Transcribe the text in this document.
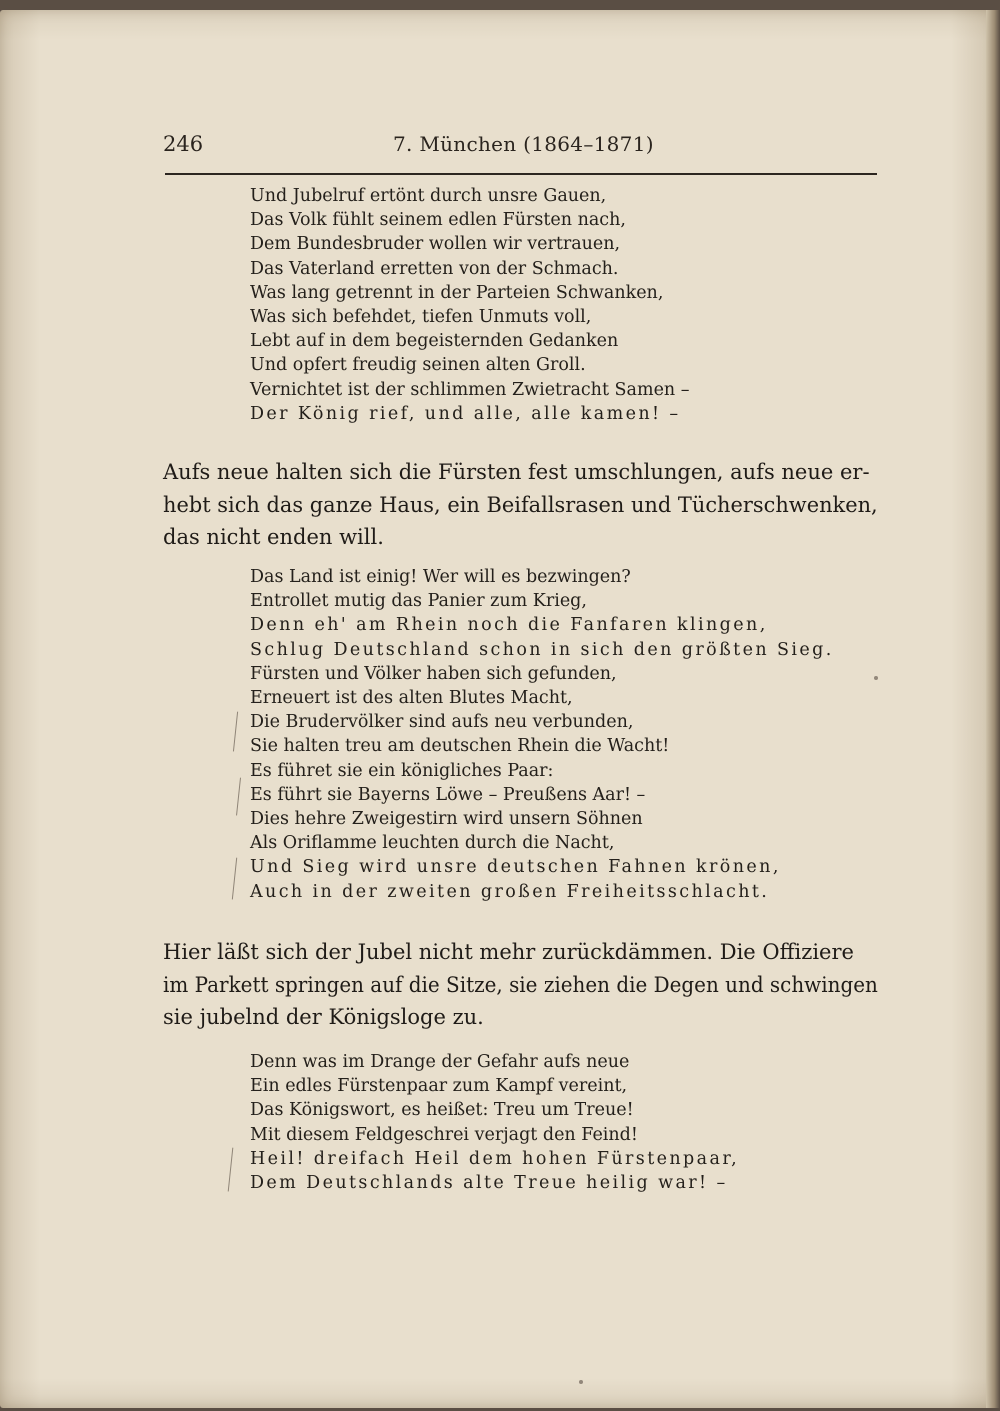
246	7. München (1864–1871)
Und Jubelruf ertönt durch unsre Gauen,
Das Volk fühlt seinem edlen Fürsten nach,
Dem Bundesbruder wollen wir vertrauen,
Das Vaterland erretten von der Schmach.
Was lang getrennt in der Parteien Schwanken,
Was sich befehdet, tiefen Unmuts voll,
Lebt auf in dem begeisternden Gedanken
Und opfert freudig seinen alten Groll.
Vernichtet ist der schlimmen Zwietracht Samen –
Der König rief, und alle, alle kamen! –
Aufs neue halten sich die Fürsten fest umschlungen, aufs neue er-
hebt sich das ganze Haus, ein Beifallsrasen und Tücherschwenken,
das nicht enden will.
Das Land ist einig! Wer will es bezwingen?
Entrollet mutig das Panier zum Krieg,
Denn eh' am Rhein noch die Fanfaren klingen,
Schlug Deutschland schon in sich den größten Sieg.
Fürsten und Völker haben sich gefunden,
Erneuert ist des alten Blutes Macht,
Die Brudervölker sind aufs neu verbunden,
Sie halten treu am deutschen Rhein die Wacht!
Es führet sie ein königliches Paar:
Es führt sie Bayerns Löwe – Preußens Aar! –
Dies hehre Zweigestirn wird unsern Söhnen
Als Oriflamme leuchten durch die Nacht,
Und Sieg wird unsre deutschen Fahnen krönen,
Auch in der zweiten großen Freiheitsschlacht.
Hier läßt sich der Jubel nicht mehr zurückdämmen. Die Offiziere
im Parkett springen auf die Sitze, sie ziehen die Degen und schwingen
sie jubelnd der Königsloge zu.
Denn was im Drange der Gefahr aufs neue
Ein edles Fürstenpaar zum Kampf vereint,
Das Königswort, es heißet: Treu um Treue!
Mit diesem Feldgeschrei verjagt den Feind!
Heil! dreifach Heil dem hohen Fürstenpaar,
Dem Deutschlands alte Treue heilig war! –
